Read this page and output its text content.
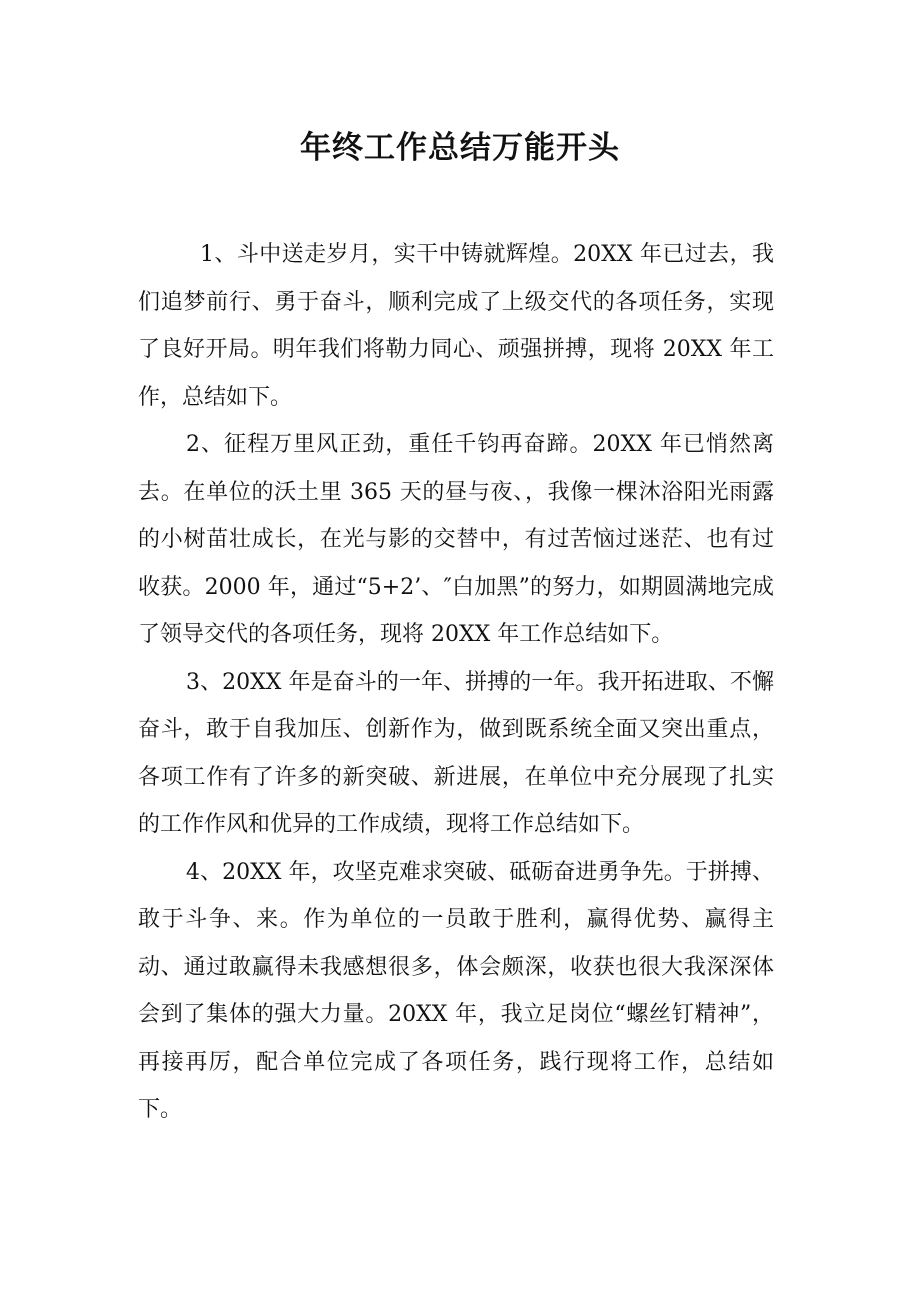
年终工作总结万能开头

1、斗中送走岁月，实干中铸就辉煌。20XX 年已过去，我们追梦前行、勇于奋斗，顺利完成了上级交代的各项任务，实现了良好开局。明年我们将勒力同心、顽强拼搏，现将 20XX 年工作，总结如下。

2、征程万里风正劲，重任千钧再奋蹄。20XX 年已悄然离去。在单位的沃土里 365 天的昼与夜、，我像一棵沐浴阳光雨露的小树苗壮成长，在光与影的交替中，有过苦恼过迷茫、也有过收获。2000 年，通过“5+2’、″白加黑”的努力，如期圆满地完成了领导交代的各项任务，现将 20XX 年工作总结如下。

3、20XX 年是奋斗的一年、拼搏的一年。我开拓进取、不懈奋斗，敢于自我加压、创新作为，做到既系统全面又突出重点，各项工作有了许多的新突破、新进展，在单位中充分展现了扎实的工作作风和优异的工作成绩，现将工作总结如下。

4、20XX 年，攻坚克难求突破、砥砺奋进勇争先。于拼搏、敢于斗争、来。作为单位的一员敢于胜利，赢得优势、赢得主动、通过敢赢得未我感想很多，体会颇深，收获也很大我深深体会到了集体的强大力量。20XX 年，我立足岗位“螺丝钉精神”，再接再厉，配合单位完成了各项任务，践行现将工作，总结如下。
